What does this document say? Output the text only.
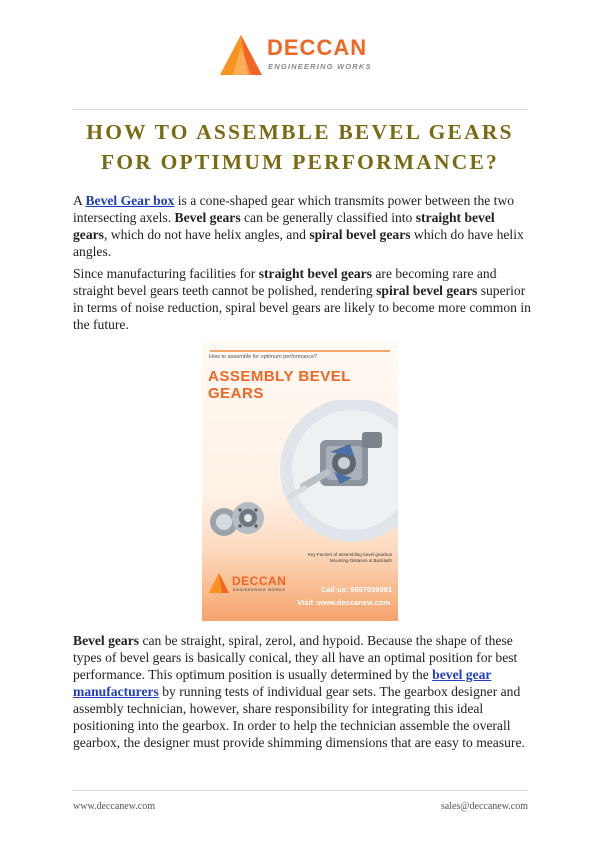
DECCAN
ENGINEERING WORKS
HOW TO ASSEMBLE BEVEL GEARS
FOR OPTIMUM PERFORMANCE?

A Bevel Gear box is a cone-shaped gear which transmits power between the two intersecting axels. Bevel gears can be generally classified into straight bevel gears, which do not have helix angles, and spiral bevel gears which do have helix angles.

Since manufacturing facilities for straight bevel gears are becoming rare and straight bevel gears teeth cannot be polished, rendering spiral bevel gears superior in terms of noise reduction, spiral bevel gears are likely to become more common in the future.

How to assemble for optimum performance?
ASSEMBLY BEVEL
GEARS
Key Factors of assembling bevel gearbox
Mounting Distance & Backlash
DECCAN
ENGINEERING WORKS	Call us: 9657039991
Visit :www.deccanew.com

Bevel gears can be straight, spiral, zerol, and hypoid. Because the shape of these types of bevel gears is basically conical, they all have an optimal position for best performance. This optimum position is usually determined by the bevel gear manufacturers by running tests of individual gear sets. The gearbox designer and assembly technician, however, share responsibility for integrating this ideal positioning into the gearbox. In order to help the technician assemble the overall gearbox, the designer must provide shimming dimensions that are easy to measure.

www.deccanew.com	sales@deccanew.com
